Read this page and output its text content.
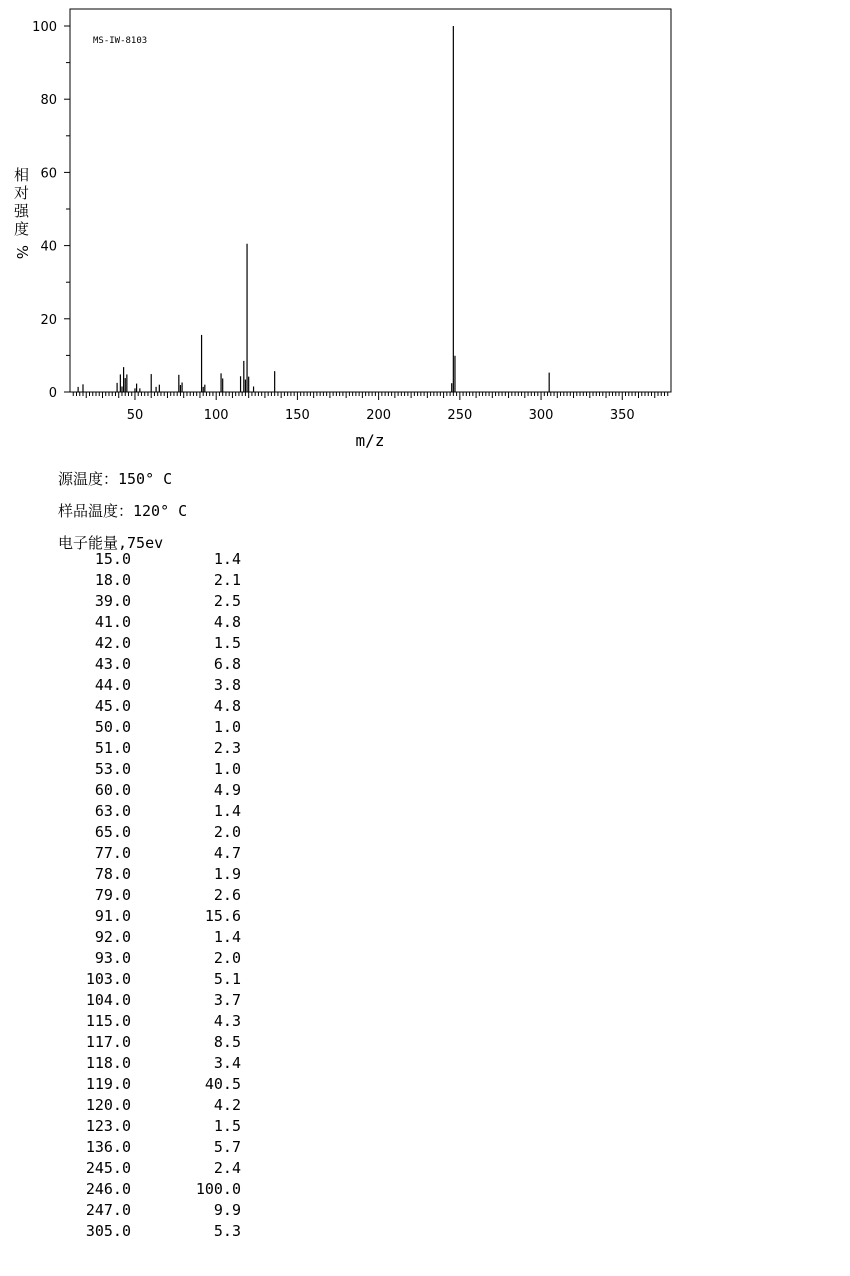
0
20
40
60
80
100
50	100	150	200	250	300	350
MS-IW-8103
m/z
相
对
强
度
%
源温度：150° C
样品温度：120° C
电子能量,75ev
15.0	1.4
18.0	2.1
39.0	2.5
41.0	4.8
42.0	1.5
43.0	6.8
44.0	3.8
45.0	4.8
50.0	1.0
51.0	2.3
53.0	1.0
60.0	4.9
63.0	1.4
65.0	2.0
77.0	4.7
78.0	1.9
79.0	2.6
91.0	15.6
92.0	1.4
93.0	2.0
103.0	5.1
104.0	3.7
115.0	4.3
117.0	8.5
118.0	3.4
119.0	40.5
120.0	4.2
123.0	1.5
136.0	5.7
245.0	2.4
246.0	100.0
247.0	9.9
305.0	5.3
